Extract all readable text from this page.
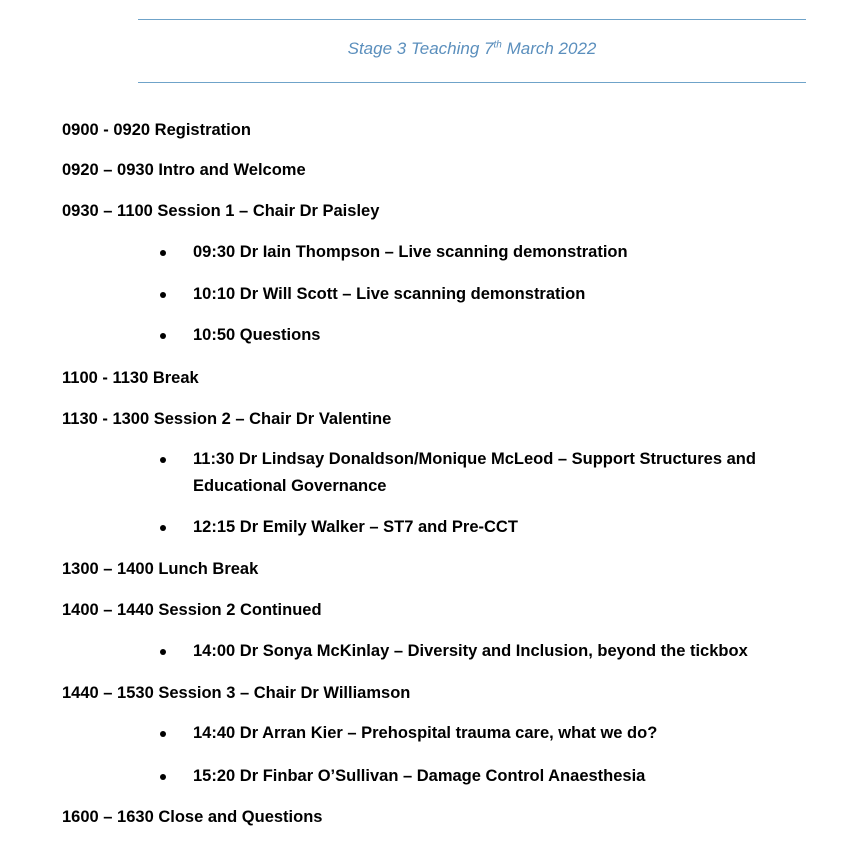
Stage 3 Teaching 7th March 2022
0900 - 0920 Registration
0920 – 0930 Intro and Welcome
0930 – 1100 Session 1 – Chair Dr Paisley
09:30 Dr Iain Thompson – Live scanning demonstration
10:10 Dr Will Scott – Live scanning demonstration
10:50 Questions
1100 - 1130 Break
1130 - 1300 Session 2 – Chair Dr Valentine
11:30 Dr Lindsay Donaldson/Monique McLeod – Support Structures and Educational Governance
12:15 Dr Emily Walker – ST7 and Pre-CCT
1300 – 1400 Lunch Break
1400 – 1440 Session 2 Continued
14:00 Dr Sonya McKinlay – Diversity and Inclusion, beyond the tickbox
1440 – 1530 Session 3 – Chair Dr Williamson
14:40 Dr Arran Kier – Prehospital trauma care, what we do?
15:20 Dr Finbar O’Sullivan – Damage Control Anaesthesia
1600 – 1630 Close and Questions
